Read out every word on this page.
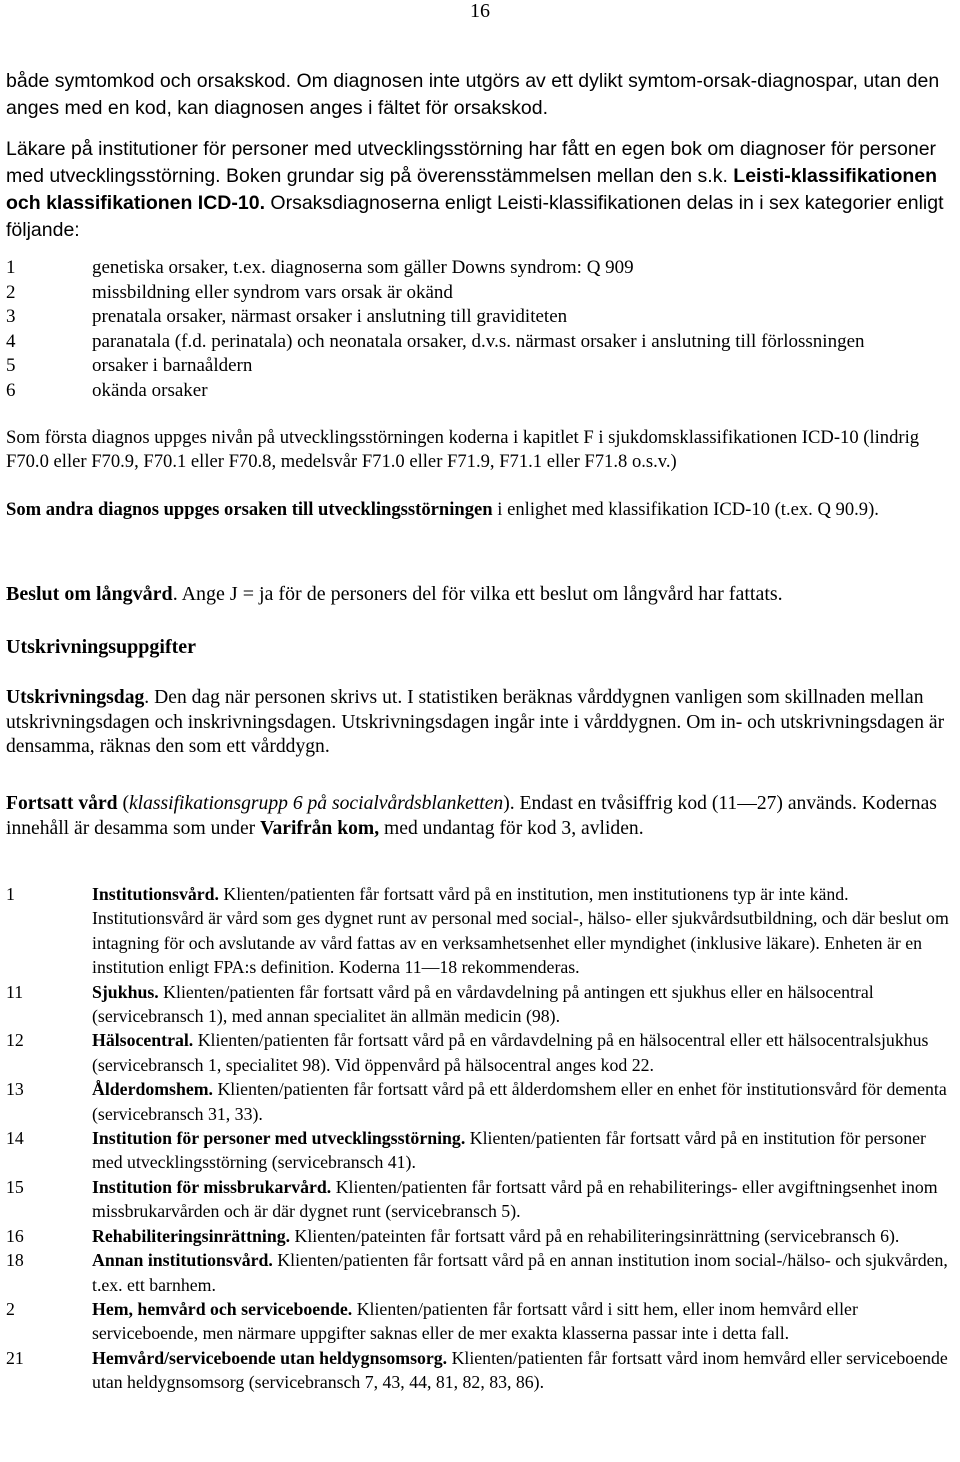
16
både symtomkod och orsakskod. Om diagnosen inte utgörs av ett dylikt symtom-orsak-diagnospar, utan den anges med en kod, kan diagnosen anges i fältet för orsakskod.
Läkare på institutioner för personer med utvecklingsstörning har fått en egen bok om diagnoser för personer med utvecklingsstörning. Boken grundar sig på överensstämmelsen mellan den s.k. Leisti-klassifikationen och klassifikationen ICD-10. Orsaksdiagnoserna enligt Leisti-klassifikationen delas in i sex kategorier enligt följande:
1	genetiska orsaker, t.ex. diagnoserna som gäller Downs syndrom: Q 909
2	missbildning eller syndrom vars orsak är okänd
3	prenatala orsaker, närmast orsaker i anslutning till graviditeten
4	paranatala (f.d. perinatala) och neonatala orsaker, d.v.s. närmast orsaker i anslutning till förlossningen
5	orsaker i barnaåldern
6	okända orsaker
Som första diagnos uppges nivån på utvecklingsstörningen koderna i kapitlet F i sjukdomsklassifikationen ICD-10 (lindrig F70.0 eller F70.9, F70.1 eller F70.8, medelsvår F71.0 eller F71.9, F71.1 eller F71.8 o.s.v.)
Som andra diagnos uppges orsaken till utvecklingsstörningen i enlighet med klassifikation ICD-10 (t.ex. Q 90.9).
Beslut om långvård. Ange J = ja för de personers del för vilka ett beslut om långvård har fattats.
Utskrivningsuppgifter
Utskrivningsdag. Den dag när personen skrivs ut. I statistiken beräknas vårddygnen vanligen som skillnaden mellan utskrivningsdagen och inskrivningsdagen. Utskrivningsdagen ingår inte i vårddygnen. Om in- och utskrivningsdagen är densamma, räknas den som ett vårddygn.
Fortsatt vård (klassifikationsgrupp 6 på socialvårdsblanketten). Endast en tvåsiffrig kod (11—27) används. Kodernas innehåll är desamma som under Varifrån kom, med undantag för kod 3, avliden.
1	Institutionsvård. Klienten/patienten får fortsatt vård på en institution, men institutionens typ är inte känd. Institutionsvård är vård som ges dygnet runt av personal med social-, hälso- eller sjukvårdsutbildning, och där beslut om intagning för och avslutande av vård fattas av en verksamhetsenhet eller myndighet (inklusive läkare). Enheten är en institution enligt FPA:s definition. Koderna 11—18 rekommenderas.
11	Sjukhus. Klienten/patienten får fortsatt vård på en vårdavdelning på antingen ett sjukhus eller en hälsocentral (servicebransch 1), med annan specialitet än allmän medicin (98).
12	Hälsocentral. Klienten/patienten får fortsatt vård på en vårdavdelning på en hälsocentral eller ett hälsocentralsjukhus (servicebransch 1, specialitet 98). Vid öppenvård på hälsocentral anges kod 22.
13	Ålderdomshem. Klienten/patienten får fortsatt vård på ett ålderdomshem eller en enhet för institutionsvård för dementa (servicebransch 31, 33).
14	Institution för personer med utvecklingsstörning. Klienten/patienten får fortsatt vård på en institution för personer med utvecklingsstörning (servicebransch 41).
15	Institution för missbrukarvård. Klienten/patienten får fortsatt vård på en rehabiliterings- eller avgiftningsenhet inom missbrukarvården och är där dygnet runt (servicebransch 5).
16	Rehabiliteringsinrättning. Klienten/pateinten får fortsatt vård på en rehabiliteringsinrättning (servicebransch 6).
18	Annan institutionsvård. Klienten/patienten får fortsatt vård på en annan institution inom social-/hälso- och sjukvården, t.ex. ett barnhem.
2	Hem, hemvård och serviceboende. Klienten/patienten får fortsatt vård i sitt hem, eller inom hemvård eller serviceboende, men närmare uppgifter saknas eller de mer exakta klasserna passar inte i detta fall.
21	Hemvård/serviceboende utan heldygnsomsorg. Klienten/patienten får fortsatt vård inom hemvård eller serviceboende utan heldygnsomsorg (servicebransch 7, 43, 44, 81, 82, 83, 86).
